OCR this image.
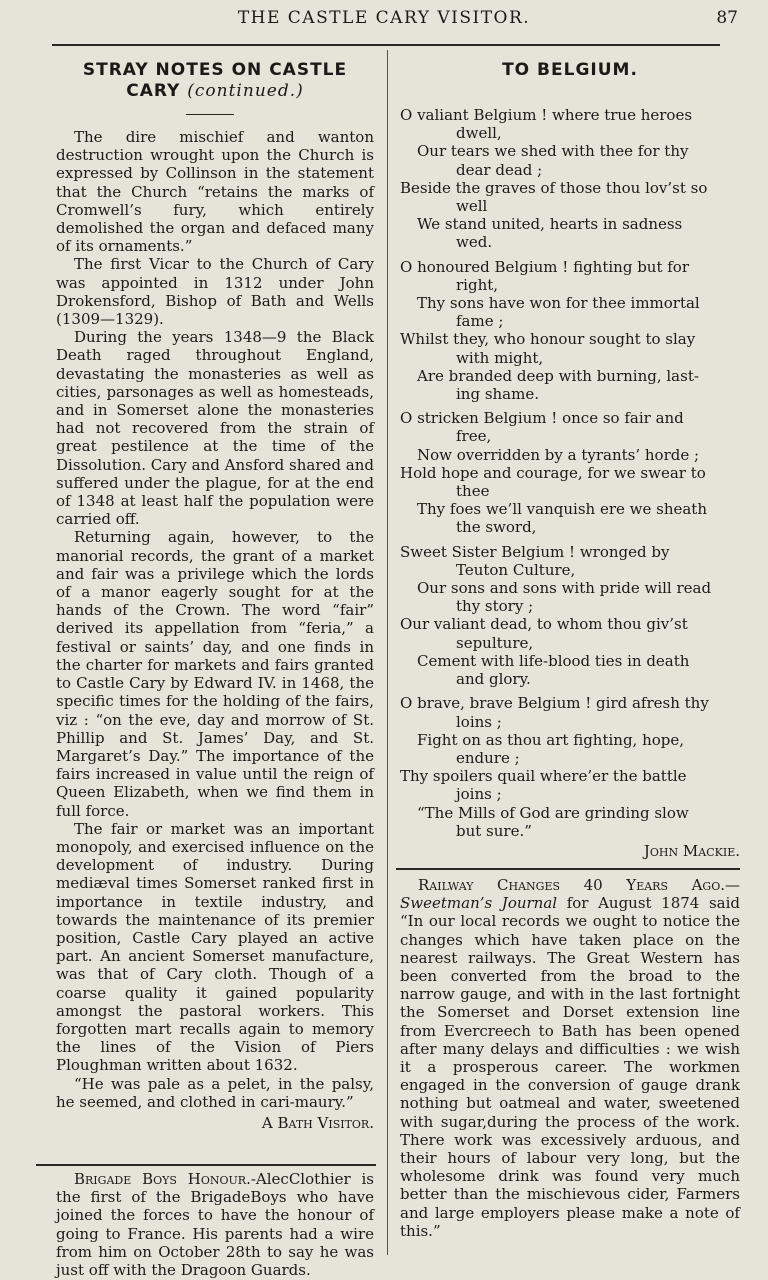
THE CASTLE CARY VISITOR.	87
STRAY NOTES ON CASTLE
CARY (continued.)

The dire mischief and wanton destruction wrought upon the Church is expressed by Collinson in the statement that the Church “retains the marks of Cromwell’s fury, which entirely demolished the organ and defaced many of its ornaments.”

The first Vicar to the Church of Cary was appointed in 1312 under John Drokensford, Bishop of Bath and Wells (1309—1329).

During the years 1348—9 the Black Death raged throughout England, devastating the monasteries as well as cities, parsonages as well as homesteads, and in Somerset alone the monasteries had not recovered from the strain of great pestilence at the time of the Dissolution. Cary and Ansford shared and suffered under the plague, for at the end of 1348 at least half the population were carried off.

Returning again, however, to the manorial records, the grant of a market and fair was a privilege which the lords of a manor eagerly sought for at the hands of the Crown. The word “fair” derived its appellation from “feria,” a festival or saints’ day, and one finds in the charter for markets and fairs granted to Castle Cary by Edward IV. in 1468, the specific times for the holding of the fairs, viz : “on the eve, day and morrow of St. Phillip and St. James’ Day, and St. Margaret’s Day.” The importance of the fairs increased in value until the reign of Queen Elizabeth, when we find them in full force.

The fair or market was an important monopoly, and exercised influence on the development of industry. During mediæval times Somerset ranked first in importance in textile industry, and towards the maintenance of its premier position, Castle Cary played an active part. An ancient Somerset manufacture, was that of Cary cloth. Though of a coarse quality it gained popularity amongst the pastoral workers. This forgotten mart recalls again to memory the lines of the Vision of Piers Ploughman written about 1632.

“He was pale as a pelet, in the palsy, he seemed, and clothed in cari-maury.”

A Bath Visitor.

Brigade Boys Honour.-AlecClothier is the first of the BrigadeBoys who have joined the forces to have the honour of going to France. His parents had a wire from him on October 28th to say he was just off with the Dragoon Guards.

TO BELGIUM.
O valiant Belgium ! where true heroes
dwell,
Our tears we shed with thee for thy
dear dead ;
Beside the graves of those thou lov’st so
well
We stand united, hearts in sadness
wed.
O honoured Belgium ! fighting but for
right,
Thy sons have won for thee immortal
fame ;
Whilst they, who honour sought to slay
with might,
Are branded deep with burning, last-
ing shame.
O stricken Belgium ! once so fair and
free,
Now overridden by a tyrants’ horde ;
Hold hope and courage, for we swear to
thee
Thy foes we’ll vanquish ere we sheath
the sword,
Sweet Sister Belgium ! wronged by
Teuton Culture,
Our sons and sons with pride will read
thy story ;
Our valiant dead, to whom thou giv’st
sepulture,
Cement with life-blood ties in death
and glory.
O brave, brave Belgium ! gird afresh thy
loins ;
Fight on as thou art fighting, hope,
endure ;
Thy spoilers quail where’er the battle
joins ;
“The Mills of God are grinding slow
but sure.”
John Mackie.

Railway Changes 40 Years Ago.—Sweetman’s Journal for August 1874 said “In our local records we ought to notice the changes which have taken place on the nearest railways. The Great Western has been converted from the broad to the narrow gauge, and with in the last fortnight the Somerset and Dorset extension line from Evercreech to Bath has been opened after many delays and difficulties : we wish it a prosperous career. The workmen engaged in the conversion of gauge drank nothing but oatmeal and water, sweetened with sugar,during the process of the work. There work was excessively arduous, and their hours of labour very long, but the wholesome drink was found very much better than the mischievous cider, Farmers and large employers please make a note of this.”
